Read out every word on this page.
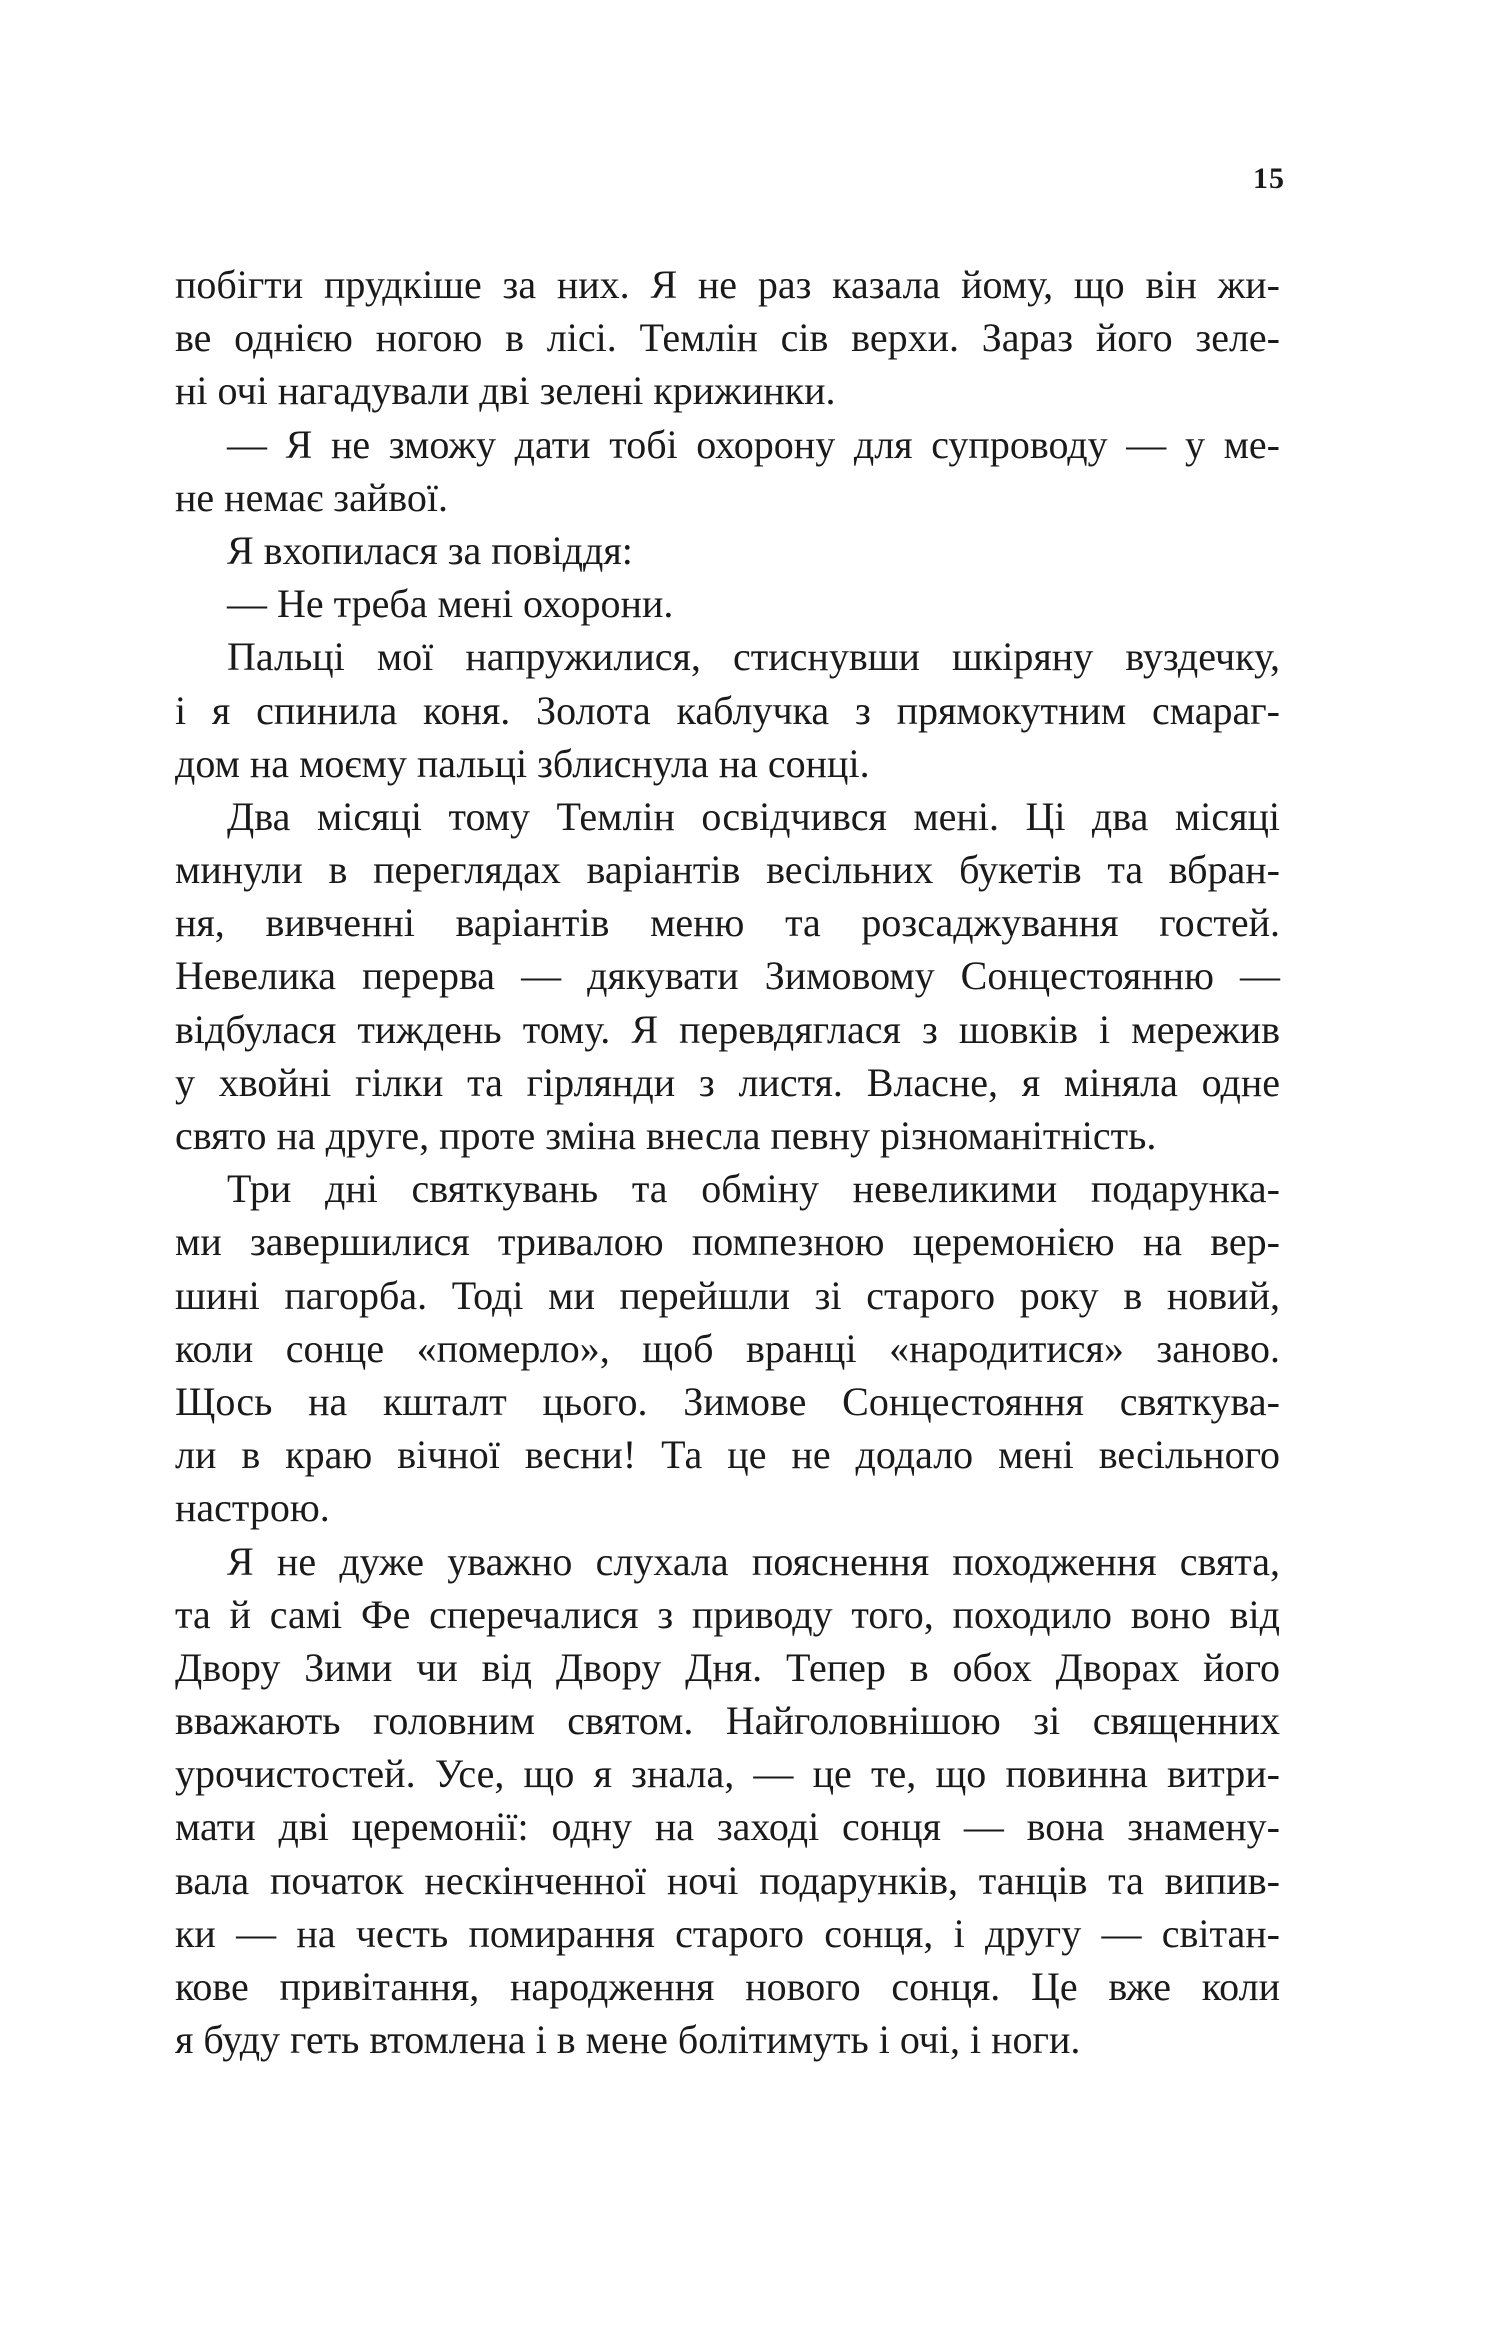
15
побігти прудкіше за них. Я не раз казала йому, що він жи-
ве однією ногою в лісі. Темлін сів верхи. Зараз його зеле-
ні очі нагадували дві зелені крижинки.
— Я не зможу дати тобі охорону для супроводу — у ме-
не немає зайвої.
Я вхопилася за повіддя:
— Не треба мені охорони.
Пальці мої напружилися, стиснувши шкіряну вуздечку,
і я спинила коня. Золота каблучка з прямокутним смараг-
дом на моєму пальці зблиснула на сонці.
Два місяці тому Темлін освідчився мені. Ці два місяці
минули в переглядах варіантів весільних букетів та вбран-
ня, вивченні варіантів меню та розсаджування гостей.
Невелика перерва — дякувати Зимовому Сонцестоянню —
відбулася тиждень тому. Я перевдяглася з шовків і мережив
у хвойні гілки та гірлянди з листя. Власне, я міняла одне
свято на друге, проте зміна внесла певну різноманітність.
Три дні святкувань та обміну невеликими подарунка-
ми завершилися тривалою помпезною церемонією на вер-
шині пагорба. Тоді ми перейшли зі старого року в новий,
коли сонце «померло», щоб вранці «народитися» заново.
Щось на кшталт цього. Зимове Сонцестояння святкува-
ли в краю вічної весни! Та це не додало мені весільного
настрою.
Я не дуже уважно слухала пояснення походження свята,
та й самі Фе сперечалися з приводу того, походило воно від
Двору Зими чи від Двору Дня. Тепер в обох Дворах його
вважають головним святом. Найголовнішою зі священних
урочистостей. Усе, що я знала, — це те, що повинна витри-
мати дві церемонії: одну на заході сонця — вона знамену-
вала початок нескінченної ночі подарунків, танців та випив-
ки — на честь помирання старого сонця, і другу — світан-
кове привітання, народження нового сонця. Це вже коли
я буду геть втомлена і в мене болітимуть і очі, і ноги.
